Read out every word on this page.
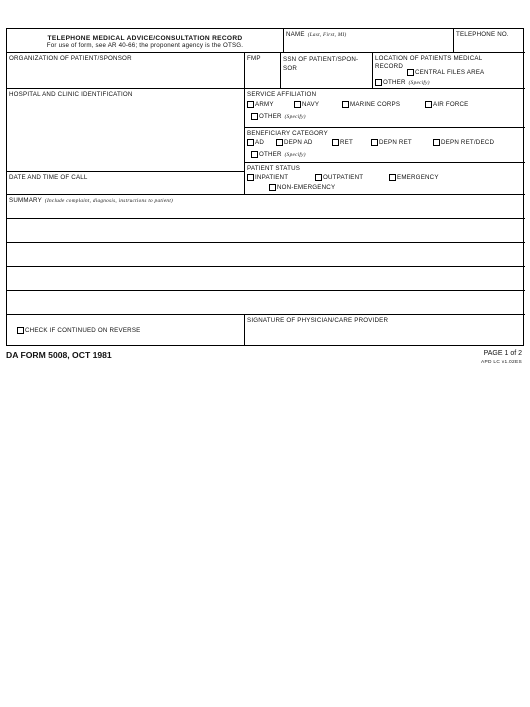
TELEPHONE MEDICAL ADVICE/CONSULTATION RECORD
For use of form, see AR 40-66; the proponent agency is the OTSG.
NAME (Last, First, MI)	TELEPHONE NO.
ORGANIZATION OF PATIENT/SPONSOR	FMP	SSN OF PATIENT/SPON-
SOR
LOCATION OF PATIENTS MEDICAL
RECORD
CENTRAL FILES AREA
OTHER (Specify)
HOSPITAL AND CLINIC IDENTIFICATION	SERVICE AFFILIATION
ARMY	NAVY	MARINE CORPS	AIR FORCE
OTHER (Specify)
BENEFICIARY CATEGORY
AD	DEPN AD	RET	DEPN RET	DEPN RET/DECD
OTHER (Specify)
DATE AND TIME OF CALL
PATIENT STATUS
INPATIENT	OUTPATIENT	EMERGENCY
NON-EMERGENCY
SUMMARY (Include complaint, diagnosis, instructions to patient)
CHECK IF CONTINUED ON REVERSE
SIGNATURE OF PHYSICIAN/CARE PROVIDER
DA FORM 5008, OCT 1981	PAGE 1 of 2
APD LC v1.02ES
